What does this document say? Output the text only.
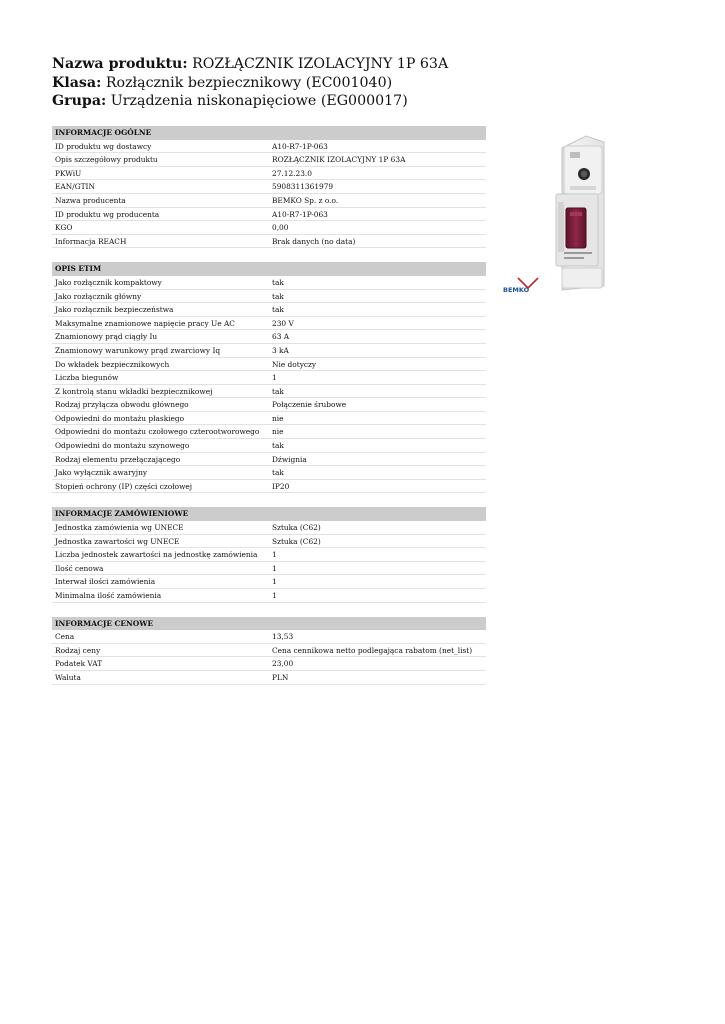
Nazwa produktu: ROZŁĄCZNIK IZOLACYJNY 1P 63A
Klasa: Rozłącznik bezpiecznikowy (EC001040)
Grupa: Urządzenia niskonapięciowe (EG000017)
INFORMACJE OGÓLNE
ID produktu wg dostawcy	A10-R7-1P-063
Opis szczegółowy produktu	ROZŁĄCZNIK IZOLACYJNY 1P 63A
PKWiU	27.12.23.0
EAN/GTIN	5908311361979
Nazwa producenta	BEMKO Sp. z o.o.
ID produktu wg producenta	A10-R7-1P-063
KGO	0,00
Informacja REACH	Brak danych (no data)
OPIS ETIM
Jako rozłącznik kompaktowy	tak
Jako rozłącznik główny	tak
Jako rozłącznik bezpieczeństwa	tak
Maksymalne znamionowe napięcie pracy Ue AC	230 V
Znamionowy prąd ciągły Iu	63 A
Znamionowy warunkowy prąd zwarciowy Iq	3 kA
Do wkładek bezpiecznikowych	Nie dotyczy
Liczba biegunów	1
Z kontrolą stanu wkładki bezpiecznikowej	tak
Rodzaj przyłącza obwodu głównego	Połączenie śrubowe
Odpowiedni do montażu płaskiego	nie
Odpowiedni do montażu czołowego czterootworowego	nie
Odpowiedni do montażu szynowego	tak
Rodzaj elementu przełączającego	Dźwignia
Jako wyłącznik awaryjny	tak
Stopień ochrony (IP) części czołowej	IP20
INFORMACJE ZAMÓWIENIOWE
Jednostka zamówienia wg UNECE	Sztuka (C62)
Jednostka zawartości wg UNECE	Sztuka (C62)
Liczba jednostek zawartości na jednostkę zamówienia	1
Ilość cenowa	1
Interwał ilości zamówienia	1
Minimalna ilość zamówienia	1
INFORMACJE CENOWE
Cena	13,53
Rodzaj ceny	Cena cennikowa netto podlegająca rabatom (net_list)
Podatek VAT	23,00
Waluta	PLN
BEMKO
